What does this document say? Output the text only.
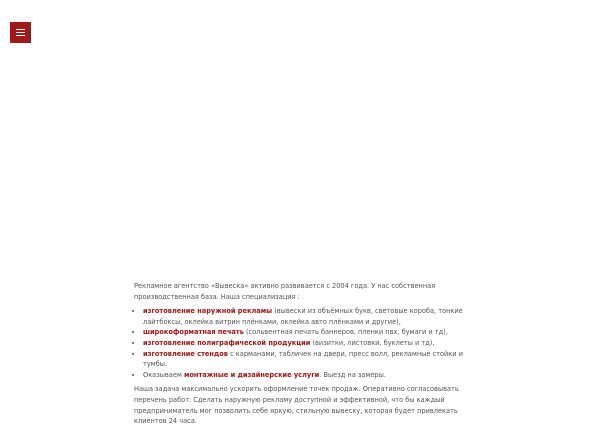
Рекламное агентство «Вывеска» активно развивается с 2004 года. У нас собственная производственная база. Наша специализация :

• изготовление наружной рекламы (вывески из объёмных букв, световые короба, тонкие лайтбоксы, оклейка витрин плёнками, оклейка авто плёнками и другие),
• широкоформатная печать (сольвентная печать баннеров, пленки пвх, бумаги и тд),
• изготовление полиграфической продукции (визитки, листовки, буклеты и тд),
• изготовление стендов с карманами, табличек на двери, пресс волл, рекламные стойки и тумбы.
• Оказываем монтажные и дизайнерские услуги. Выезд на замеры.

Наша задача максимально ускорить оформление точек продаж. Оперативно согласовывать перечень работ. Сделать наружную рекламу доступной и эффективной, что бы каждый предприниматель мог позволить себе яркую, стильную вывеску, которая будет привлекать клиентов 24 часа.
